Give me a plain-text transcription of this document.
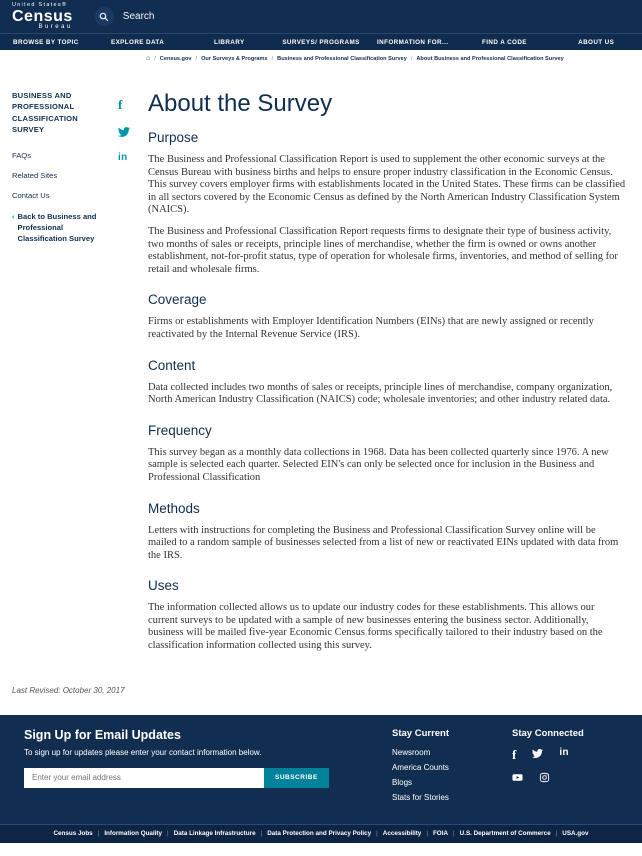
United States®
Census
Bureau
Search
BROWSE BY TOPIC	EXPLORE DATA	LIBRARY	SURVEYS/ PROGRAMS	INFORMATION FOR...	FIND A CODE	ABOUT US
⌂	/ Census.gov	/ Our Surveys & Programs	/ Business and Professional Classification Survey	/ About Business and Professional Classification Survey
BUSINESS AND PROFESSIONAL CLASSIFICATION SURVEY
FAQs
Related Sites
Contact Us
‹ Back to Business and Professional Classification Survey
f
in
About the Survey
Purpose

The Business and Professional Classification Report is used to supplement the other economic surveys at the Census Bureau with business births and helps to ensure proper industry classification in the Economic Census. This survey covers employer firms with establishments located in the United States. These firms can be classified in all sectors covered by the Economic Census as defined by the North American Industry Classification System (NAICS).

The Business and Professional Classification Report requests firms to designate their type of business activity, two months of sales or receipts, principle lines of merchandise, whether the firm is owned or owns another establishment, not-for-profit status, type of operation for wholesale firms, inventories, and method of selling for retail and wholesale firms.

Coverage

Firms or establishments with Employer Identification Numbers (EINs) that are newly assigned or recently reactivated by the Internal Revenue Service (IRS).

Content

Data collected includes two months of sales or receipts, principle lines of merchandise, company organization, North American Industry Classification (NAICS) code; wholesale inventories; and other industry related data.

Frequency

This survey began as a monthly data collections in 1968. Data has been collected quarterly since 1976. A new sample is selected each quarter. Selected EIN's can only be selected once for inclusion in the Business and Professional Classification

Methods

Letters with instructions for completing the Business and Professional Classification Survey online will be mailed to a random sample of businesses selected from a list of new or reactivated EINs updated with data from the IRS.

Uses

The information collected allows us to update our industry codes for these establishments. This allows our current surveys to be updated with a sample of new businesses entering the business sector. Additionally, business will be mailed five-year Economic Census forms specifically tailored to their industry based on the classification information collected using this survey.

Last Revised: October 30, 2017
Sign Up for Email Updates
To sign up for updates please enter your contact information below.
Enter your email address
SUBSCRIBE
Stay Current
Newsroom
America Counts
Blogs
Stats for Stories
Stay Connected
f	in
Census Jobs	| Information Quality	| Data Linkage Infrastructure	| Data Protection and Privacy Policy	| Accessibility	| FOIA	| U.S. Department of Commerce	| USA.gov
